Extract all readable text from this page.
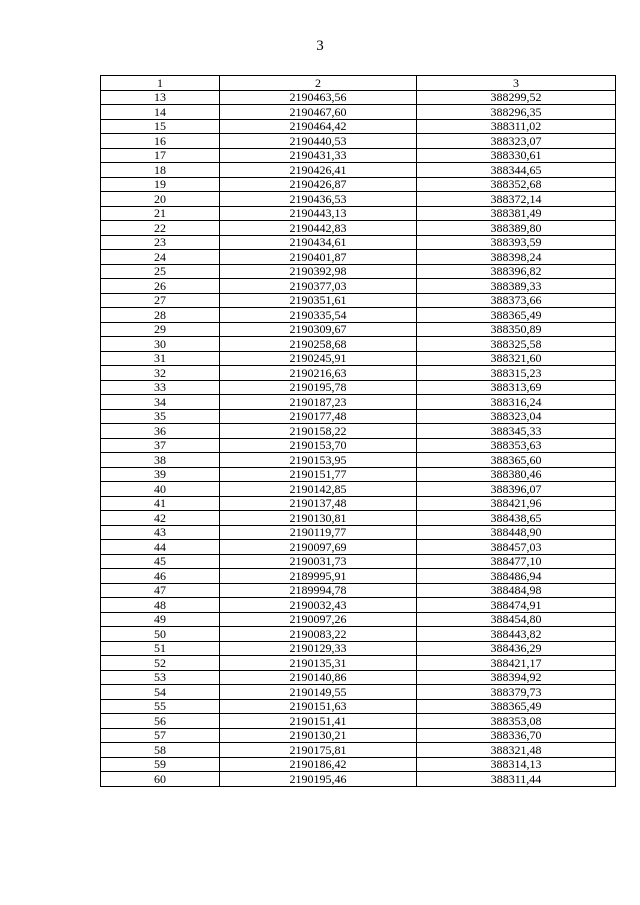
3
1	2	3
13	2190463,56	388299,52
14	2190467,60	388296,35
15	2190464,42	388311,02
16	2190440,53	388323,07
17	2190431,33	388330,61
18	2190426,41	388344,65
19	2190426,87	388352,68
20	2190436,53	388372,14
21	2190443,13	388381,49
22	2190442,83	388389,80
23	2190434,61	388393,59
24	2190401,87	388398,24
25	2190392,98	388396,82
26	2190377,03	388389,33
27	2190351,61	388373,66
28	2190335,54	388365,49
29	2190309,67	388350,89
30	2190258,68	388325,58
31	2190245,91	388321,60
32	2190216,63	388315,23
33	2190195,78	388313,69
34	2190187,23	388316,24
35	2190177,48	388323,04
36	2190158,22	388345,33
37	2190153,70	388353,63
38	2190153,95	388365,60
39	2190151,77	388380,46
40	2190142,85	388396,07
41	2190137,48	388421,96
42	2190130,81	388438,65
43	2190119,77	388448,90
44	2190097,69	388457,03
45	2190031,73	388477,10
46	2189995,91	388486,94
47	2189994,78	388484,98
48	2190032,43	388474,91
49	2190097,26	388454,80
50	2190083,22	388443,82
51	2190129,33	388436,29
52	2190135,31	388421,17
53	2190140,86	388394,92
54	2190149,55	388379,73
55	2190151,63	388365,49
56	2190151,41	388353,08
57	2190130,21	388336,70
58	2190175,81	388321,48
59	2190186,42	388314,13
60	2190195,46	388311,44
